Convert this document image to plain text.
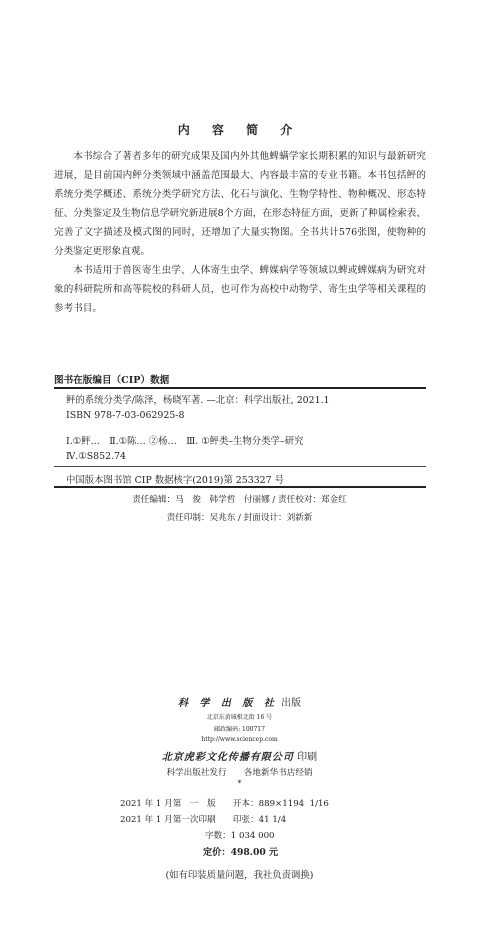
内 容 简 介

本书综合了著者多年的研究成果及国内外其他蜱螨学家长期积累的知识与最新研究进展，是目前国内鲆分类领域中涵盖范围最大、内容最丰富的专业书籍。本书包括鲆的系统分类学概述、系统分类学研究方法、化石与演化、生物学特性、物种概况、形态特征、分类鉴定及生物信息学研究新进展8个方面，在形态特征方面，更新了种属检索表、完善了文字描述及模式图的同时，还增加了大量实物图。全书共计576张图，使物种的分类鉴定更形象直观。

本书适用于兽医寄生虫学、人体寄生虫学、蜱媒病学等领域以蜱或蜱媒病为研究对象的科研院所和高等院校的科研人员，也可作为高校中动物学、寄生虫学等相关课程的参考书目。

图书在版编目（CIP）数据
鲆的系统分类学/陈泽，杨晓军著. —北京：科学出版社, 2021.1
ISBN 978-7-03-062925-8
Ⅰ.①鲆…　Ⅱ.①陈… ②杨…　Ⅲ. ①鲆类–生物分类学–研究
Ⅳ.①S852.74
中国版本图书馆 CIP 数据核字(2019)第 253327 号
责任编辑：马　俊　韩学哲　付丽娜 / 责任校对：郑金红
责任印制：吴兆东 / 封面设计：刘新新
科 学 出 版 社 出版
北京东黄城根北街 16 号
邮政编码: 100717
http://www.sciencep.com
北京虎彩文化传播有限公司 印刷
科学出版社发行　　各地新华书店经销
*
2021 年 1 月第　一　版　　开本：889×1194  1/16
2021 年 1 月第一次印刷　　印张：41 1/4
字数：1 034 000
定价：498.00 元
(如有印装质量问题，我社负责调换)
